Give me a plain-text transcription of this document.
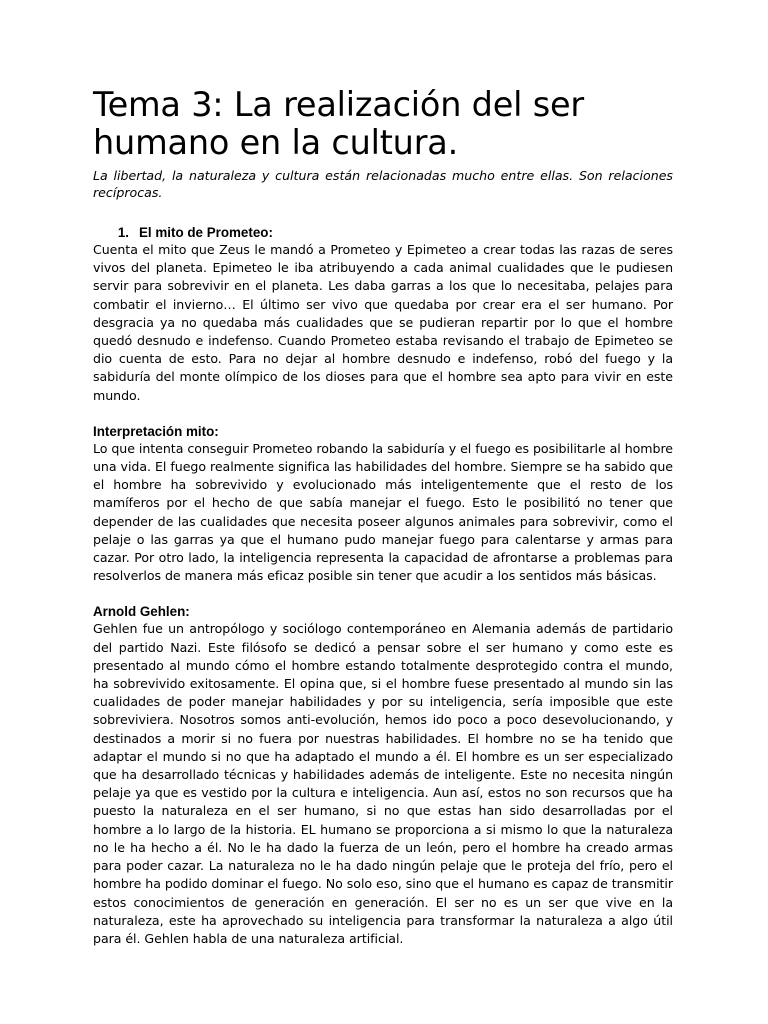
Tema 3: La realización del ser humano en la cultura.

La libertad, la naturaleza y cultura están relacionadas mucho entre ellas. Son relaciones recíprocas.

1. El mito de Prometeo:

Cuenta el mito que Zeus le mandó a Prometeo y Epimeteo a crear todas las razas de seres vivos del planeta. Epimeteo le iba atribuyendo a cada animal cualidades que le pudiesen servir para sobrevivir en el planeta. Les daba garras a los que lo necesitaba, pelajes para combatir el invierno… El último ser vivo que quedaba por crear era el ser humano. Por desgracia ya no quedaba más cualidades que se pudieran repartir por lo que el hombre quedó desnudo e indefenso. Cuando Prometeo estaba revisando el trabajo de Epimeteo se dio cuenta de esto. Para no dejar al hombre desnudo e indefenso, robó del fuego y la sabiduría del monte olímpico de los dioses para que el hombre sea apto para vivir en este mundo.

Interpretación mito:

Lo que intenta conseguir Prometeo robando la sabiduría y el fuego es posibilitarle al hombre una vida. El fuego realmente significa las habilidades del hombre. Siempre se ha sabido que el hombre ha sobrevivido y evolucionado más inteligentemente que el resto de los mamíferos por el hecho de que sabía manejar el fuego. Esto le posibilitó no tener que depender de las cualidades que necesita poseer algunos animales para sobrevivir, como el pelaje o las garras ya que el humano pudo manejar fuego para calentarse y armas para cazar. Por otro lado, la inteligencia representa la capacidad de afrontarse a problemas para resolverlos de manera más eficaz posible sin tener que acudir a los sentidos más básicas.

Arnold Gehlen:

Gehlen fue un antropólogo y sociólogo contemporáneo en Alemania además de partidario del partido Nazi. Este filósofo se dedicó a pensar sobre el ser humano y como este es presentado al mundo cómo el hombre estando totalmente desprotegido contra el mundo, ha sobrevivido exitosamente. El opina que, si el hombre fuese presentado al mundo sin las cualidades de poder manejar habilidades y por su inteligencia, sería imposible que este sobreviviera. Nosotros somos anti-evolución, hemos ido poco a poco desevolucionando, y destinados a morir si no fuera por nuestras habilidades. El hombre no se ha tenido que adaptar el mundo si no que ha adaptado el mundo a él. El hombre es un ser especializado que ha desarrollado técnicas y habilidades además de inteligente. Este no necesita ningún pelaje ya que es vestido por la cultura e inteligencia. Aun así, estos no son recursos que ha puesto la naturaleza en el ser humano, si no que estas han sido desarrolladas por el hombre a lo largo de la historia. EL humano se proporciona a si mismo lo que la naturaleza no le ha hecho a él. No le ha dado la fuerza de un león, pero el hombre ha creado armas para poder cazar. La naturaleza no le ha dado ningún pelaje que le proteja del frío, pero el hombre ha podido dominar el fuego. No solo eso, sino que el humano es capaz de transmitir estos conocimientos de generación en generación. El ser no es un ser que vive en la naturaleza, este ha aprovechado su inteligencia para transformar la naturaleza a algo útil para él. Gehlen habla de una naturaleza artificial.
